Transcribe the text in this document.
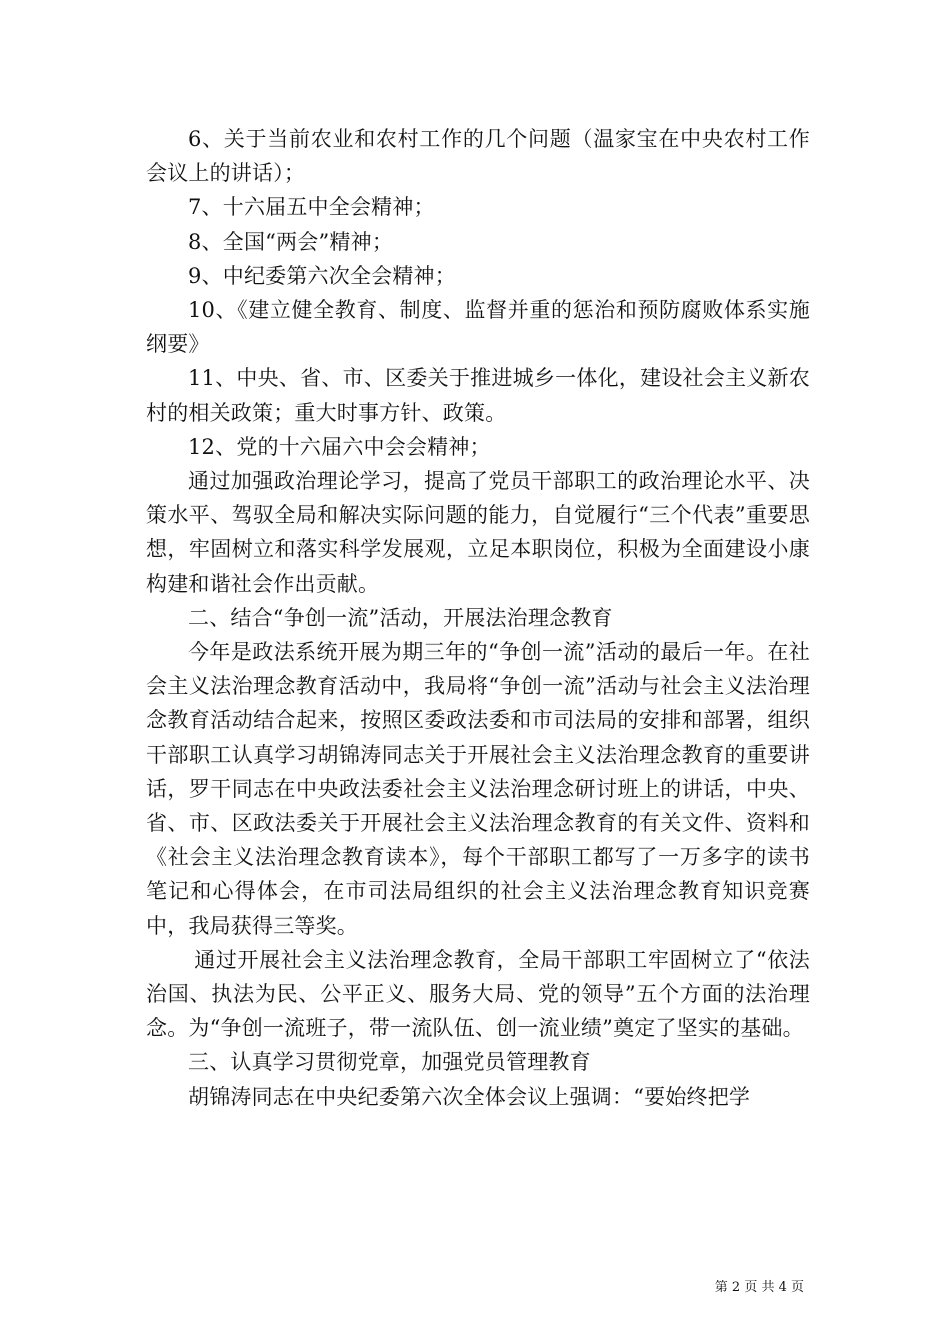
6、关于当前农业和农村工作的几个问题（温家宝在中央农村工作会议上的讲话）；

7、十六届五中全会精神；

8、全国“两会”精神；

9、中纪委第六次全会精神；

10、《建立健全教育、制度、监督并重的惩治和预防腐败体系实施纲要》

11、中央、省、市、区委关于推进城乡一体化，建设社会主义新农村的相关政策；重大时事方针、政策。

12、党的十六届六中会会精神；

通过加强政治理论学习，提高了党员干部职工的政治理论水平、决策水平、驾驭全局和解决实际问题的能力，自觉履行“三个代表”重要思想，牢固树立和落实科学发展观，立足本职岗位，积极为全面建设小康构建和谐社会作出贡献。

二、结合“争创一流”活动，开展法治理念教育

今年是政法系统开展为期三年的“争创一流”活动的最后一年。在社会主义法治理念教育活动中，我局将“争创一流”活动与社会主义法治理念教育活动结合起来，按照区委政法委和市司法局的安排和部署，组织干部职工认真学习胡锦涛同志关于开展社会主义法治理念教育的重要讲话，罗干同志在中央政法委社会主义法治理念研讨班上的讲话，中央、省、市、区政法委关于开展社会主义法治理念教育的有关文件、资料和《社会主义法治理念教育读本》，每个干部职工都写了一万多字的读书笔记和心得体会，在市司法局组织的社会主义法治理念教育知识竞赛中，我局获得三等奖。

通过开展社会主义法治理念教育，全局干部职工牢固树立了“依法治国、执法为民、公平正义、服务大局、党的领导”五个方面的法治理念。为“争创一流班子，带一流队伍、创一流业绩”奠定了坚实的基础。

三、认真学习贯彻党章，加强党员管理教育

胡锦涛同志在中央纪委第六次全体会议上强调：“要始终把学

第 2 页 共 4 页
